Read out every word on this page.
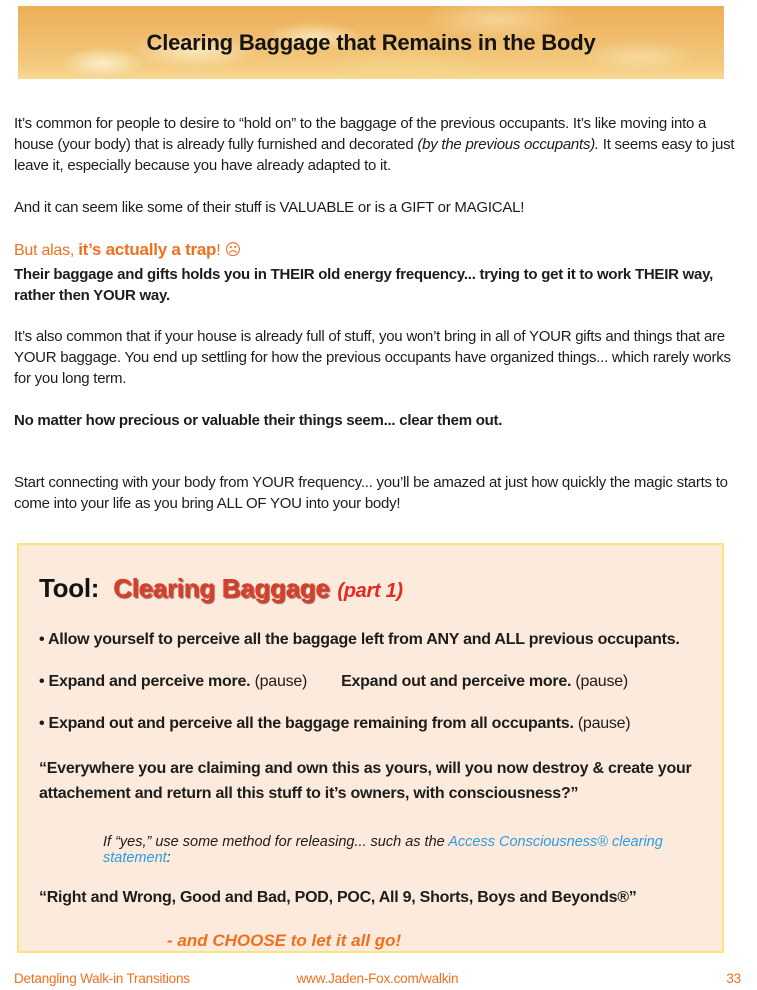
Clearing Baggage that Remains in the Body

It’s common for people to desire to “hold on” to the baggage of the previous occupants. It’s like moving into a house (your body) that is already fully furnished and decorated (by the previous occupants). It seems easy to just leave it, especially because you have already adapted to it.

And it can seem like some of their stuff is VALUABLE or is a GIFT or MAGICAL!

But alas, it’s actually a trap! ☹

Their baggage and gifts holds you in THEIR old energy frequency... trying to get it to work THEIR way, rather then YOUR way.

It’s also common that if your house is already full of stuff, you won’t bring in all of YOUR gifts and things that are YOUR baggage. You end up settling for how the previous occupants have organized things... which rarely works for you long term.

No matter how precious or valuable their things seem... clear them out.

Start connecting with your body from YOUR frequency... you’ll be amazed at just how quickly the magic starts to come into your life as you bring ALL OF YOU into your body!

Tool: Clearing Baggage (part 1)

• Allow yourself to perceive all the baggage left from ANY and ALL previous occupants.

• Expand and perceive more. (pause) Expand out and perceive more. (pause)

• Expand out and perceive all the baggage remaining from all occupants. (pause)

“Everywhere you are claiming and own this as yours, will you now destroy & create your attachement and return all this stuff to it’s owners, with consciousness?”

If “yes,” use some method for releasing... such as the Access Consciousness® clearing statement:

“Right and Wrong, Good and Bad, POD, POC, All 9, Shorts, Boys and Beyonds®”

- and CHOOSE to let it all go!
Detangling Walk-in Transitions	www.Jaden-Fox.com/walkin	33
